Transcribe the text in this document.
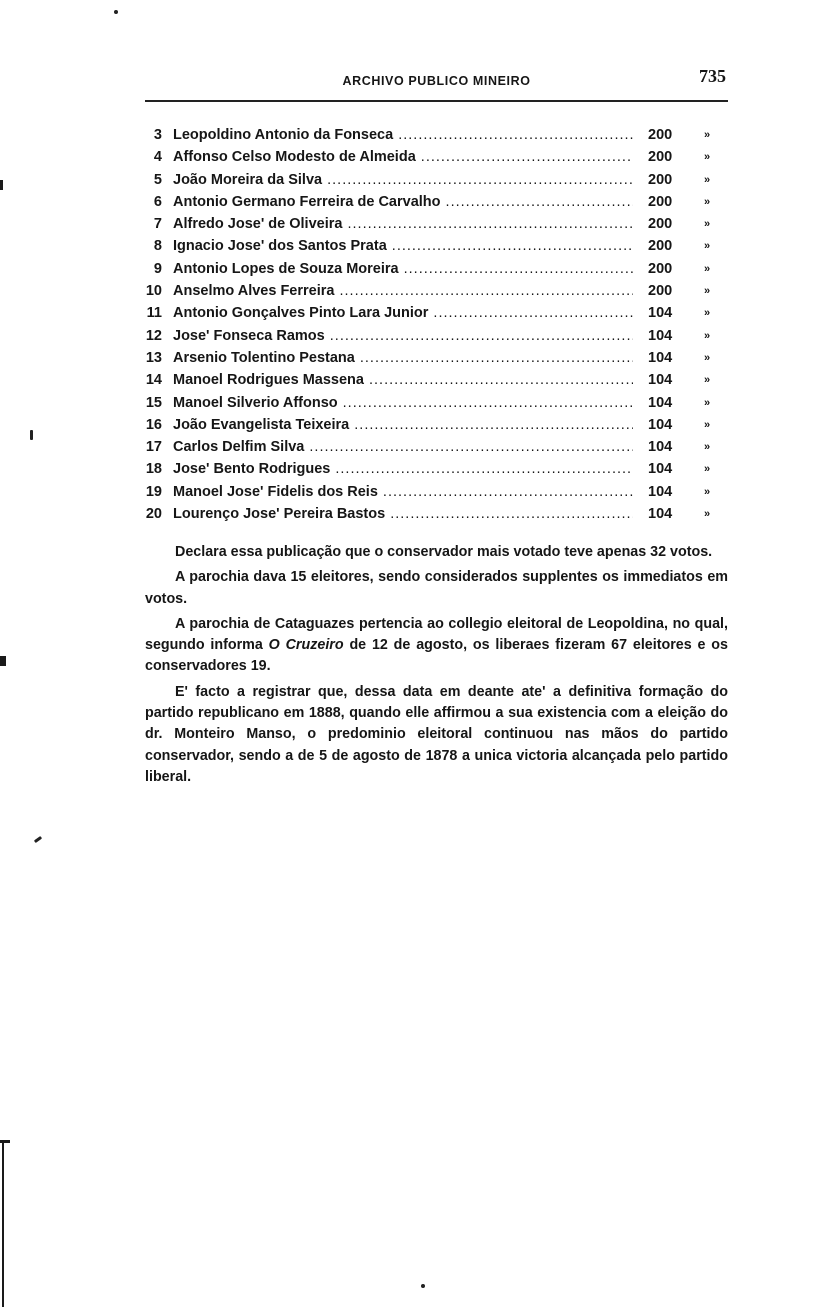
ARCHIVO PUBLICO MINEIRO	735
3 Leopoldino Antonio da Fonseca .....	200	»
4 Affonso Celso Modesto de Almeida .....	200	»
5 João Moreira da Silva .....	200	»
6 Antonio Germano Ferreira de Carvalho .....	200	»
7 Alfredo Jose' de Oliveira .....	200	»
8 Ignacio Jose' dos Santos Prata .....	200	»
9 Antonio Lopes de Souza Moreira .....	200	»
10 Anselmo Alves Ferreira .....	200	»
11 Antonio Gonçalves Pinto Lara Junior .....	104	»
12 Jose' Fonseca Ramos .....	104	»
13 Arsenio Tolentino Pestana .....	104	»
14 Manoel Rodrigues Massena .....	104	»
15 Manoel Silverio Affonso .....	104	»
16 João Evangelista Teixeira .....	104	»
17 Carlos Delfim Silva .....	104	»
18 Jose' Bento Rodrigues .....	104	»
19 Manoel Jose' Fidelis dos Reis .....	104	»
20 Lourenço Jose' Pereira Bastos .....	104	»

Declara essa publicação que o conservador mais votado teve apenas 32 votos.

A parochia dava 15 eleitores, sendo considerados supplentes os immediatos em votos.

A parochia de Cataguazes pertencia ao collegio eleitoral de Leopoldina, no qual, segundo informa O Cruzeiro de 12 de agosto, os liberaes fizeram 67 eleitores e os conservadores 19.

E' facto a registrar que, dessa data em deante ate' a definitiva formação do partido republicano em 1888, quando elle affirmou a sua existencia com a eleição do dr. Monteiro Manso, o predominio eleitoral continuou nas mãos do partido conservador, sendo a de 5 de agosto de 1878 a unica victoria alcançada pelo partido liberal.
